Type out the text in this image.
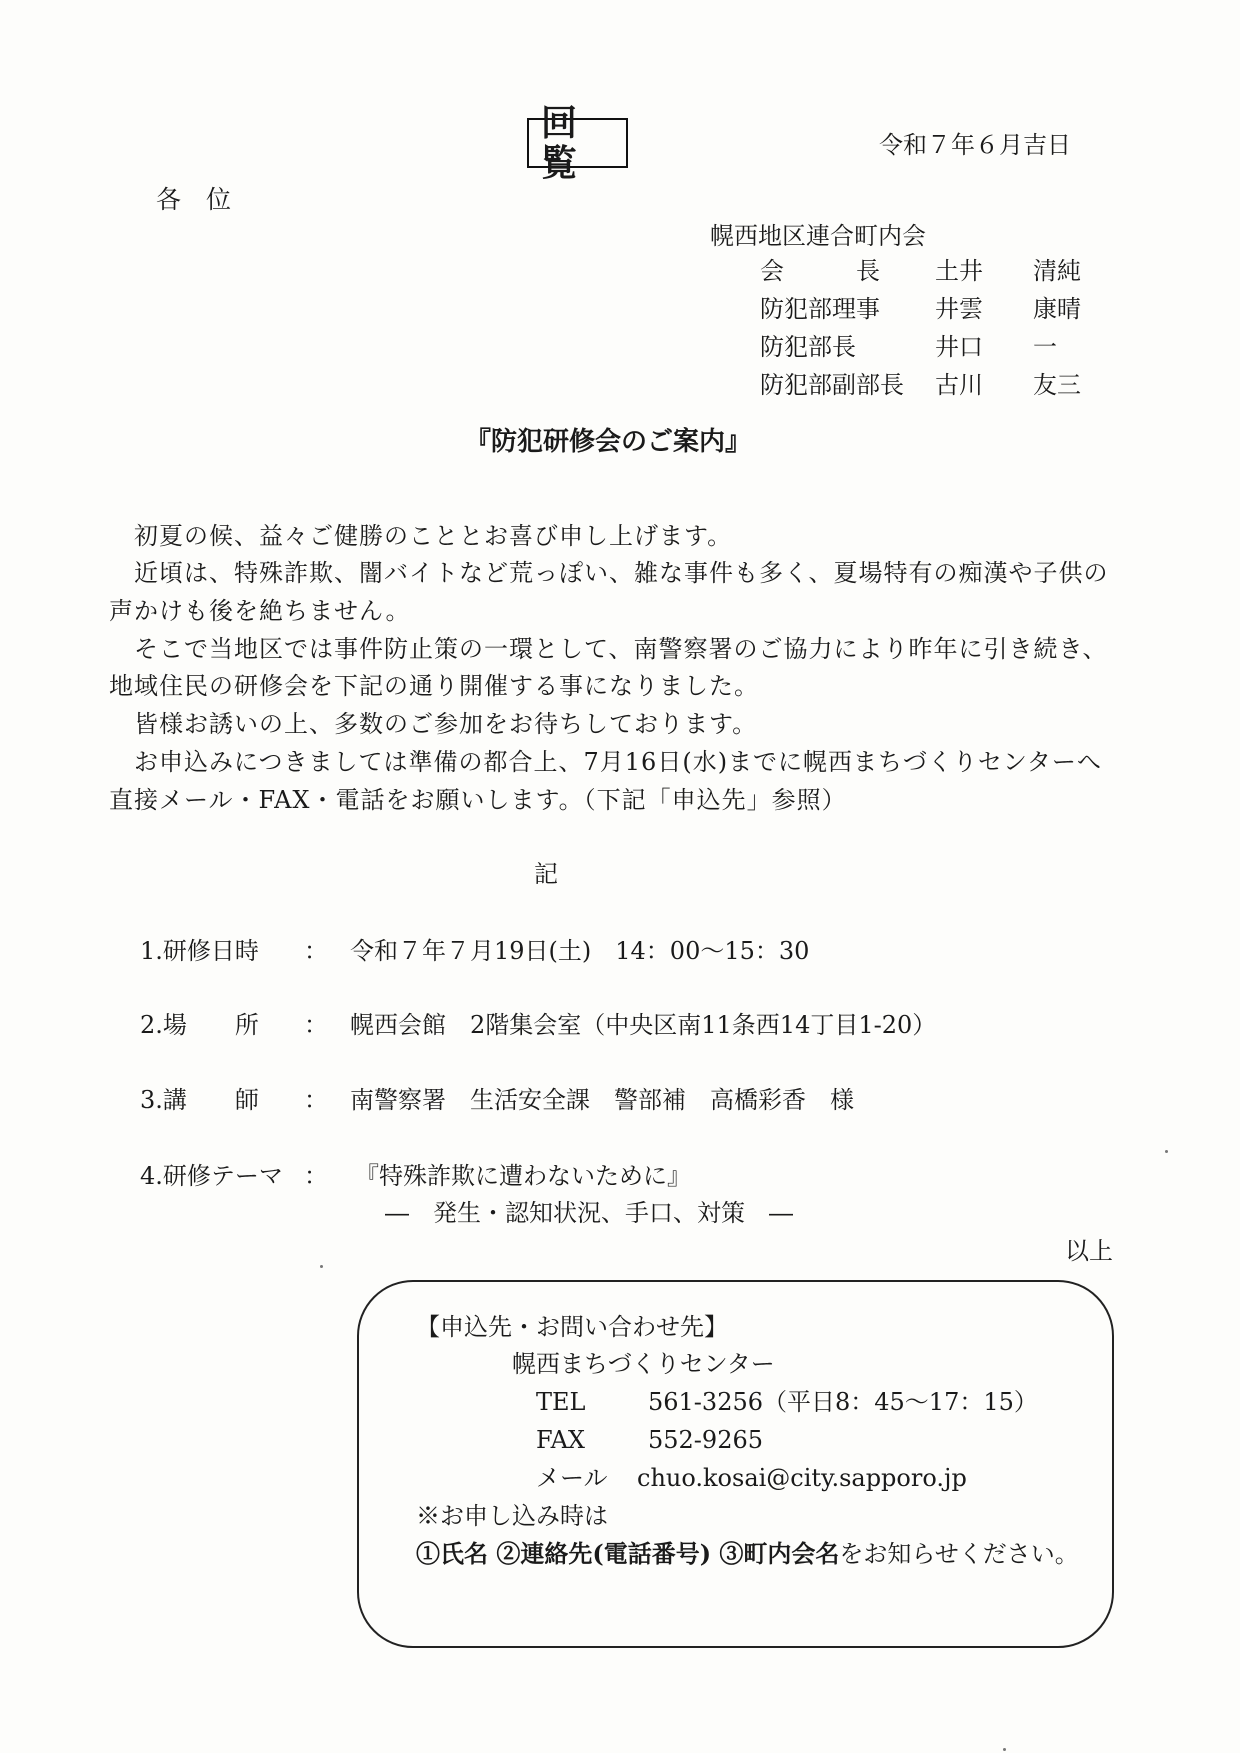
回覧	令和７年６月吉日
各　位
幌西地区連合町内会
会　　　長 土井 清純
防犯部理事 井雲 康晴
防犯部長	井口 一
防犯部副部長 古川 友三
『防犯研修会のご案内』
初夏の候、益々ご健勝のこととお喜び申し上げます。
近頃は、特殊詐欺、闇バイトなど荒っぽい、雑な事件も多く、夏場特有の痴漢や子供の
声かけも後を絶ちません。
そこで当地区では事件防止策の一環として、南警察署のご協力により昨年に引き続き、
地域住民の研修会を下記の通り開催する事になりました。
皆様お誘いの上、多数のご参加をお待ちしております。
お申込みにつきましては準備の都合上、7月16日(水)までに幌西まちづくりセンターへ
直接メール・FAX・電話をお願いします。（下記「申込先」参照）
記
1.研修日時 ： 令和７年７月19日(土)　14：00～15：30
2.場　　所 ： 幌西会館　2階集会室（中央区南11条西14丁目1-20）
3.講　　師 ： 南警察署　生活安全課　警部補　高橋彩香　様
4.研修テーマ ： 『特殊詐欺に遭わないために』
―　発生・認知状況、手口、対策　―
以上
【申込先・お問い合わせ先】
幌西まちづくりセンター
TEL	561-3256（平日8：45～17：15）
FAX	552-9265
メール chuo.kosai@city.sapporo.jp
※お申し込み時は
①氏名 ②連絡先(電話番号) ③町内会名をお知らせください。
